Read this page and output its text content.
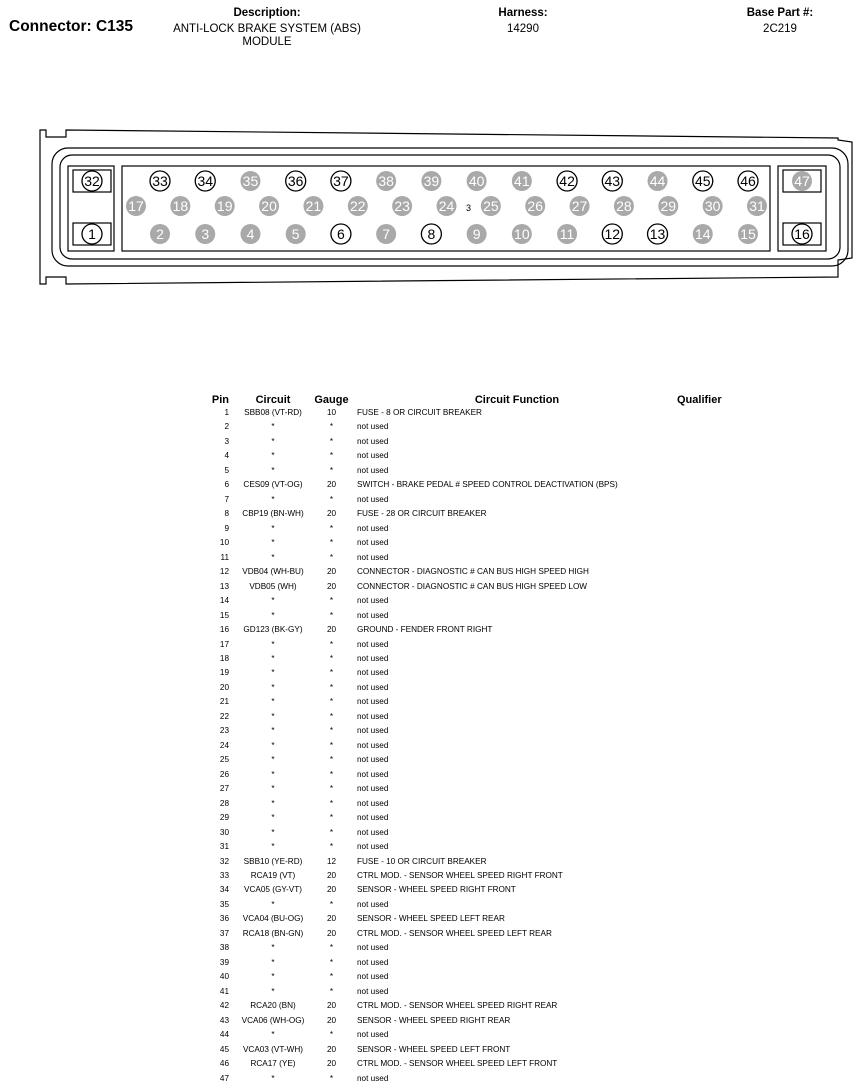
Connector: C135
Description:
ANTI-LOCK BRAKE SYSTEM (ABS)
MODULE
Harness:
14290
Base Part #:
2C219
33 34 35 36 37 38 39 40 41 42 43 44 45 46
17 18 19 20 21 22 23 24 25 26 27 28 29 30 31
2	3	4	5	6	7	8	9 10 11 12 13 14 15
32
1
47
16
3
Pin	Circuit	Gauge	Circuit Function	Qualifier
1	SBB08 (VT-RD)	10	FUSE - 8 OR CIRCUIT BREAKER	
2	*	*	not used	
3	*	*	not used	
4	*	*	not used	
5	*	*	not used	
6	CES09 (VT-OG)	20	SWITCH - BRAKE PEDAL # SPEED CONTROL DEACTIVATION (BPS)	
7	*	*	not used	
8	CBP19 (BN-WH)	20	FUSE - 28 OR CIRCUIT BREAKER	
9	*	*	not used	
10	*	*	not used	
11	*	*	not used	
12	VDB04 (WH-BU)	20	CONNECTOR - DIAGNOSTIC # CAN BUS HIGH SPEED HIGH	
13	VDB05 (WH)	20	CONNECTOR - DIAGNOSTIC # CAN BUS HIGH SPEED LOW	
14	*	*	not used	
15	*	*	not used	
16	GD123 (BK-GY)	20	GROUND - FENDER FRONT RIGHT	
17	*	*	not used	
18	*	*	not used	
19	*	*	not used	
20	*	*	not used	
21	*	*	not used	
22	*	*	not used	
23	*	*	not used	
24	*	*	not used	
25	*	*	not used	
26	*	*	not used	
27	*	*	not used	
28	*	*	not used	
29	*	*	not used	
30	*	*	not used	
31	*	*	not used	
32	SBB10 (YE-RD)	12	FUSE - 10 OR CIRCUIT BREAKER	
33	RCA19 (VT)	20	CTRL MOD. - SENSOR WHEEL SPEED RIGHT FRONT	
34	VCA05 (GY-VT)	20	SENSOR - WHEEL SPEED RIGHT FRONT	
35	*	*	not used	
36	VCA04 (BU-OG)	20	SENSOR - WHEEL SPEED LEFT REAR	
37	RCA18 (BN-GN)	20	CTRL MOD. - SENSOR WHEEL SPEED LEFT REAR	
38	*	*	not used	
39	*	*	not used	
40	*	*	not used	
41	*	*	not used	
42	RCA20 (BN)	20	CTRL MOD. - SENSOR WHEEL SPEED RIGHT REAR	
43	VCA06 (WH-OG)	20	SENSOR - WHEEL SPEED RIGHT REAR	
44	*	*	not used	
45	VCA03 (VT-WH)	20	SENSOR - WHEEL SPEED LEFT FRONT	
46	RCA17 (YE)	20	CTRL MOD. - SENSOR WHEEL SPEED LEFT FRONT	
47	*	*	not used	
